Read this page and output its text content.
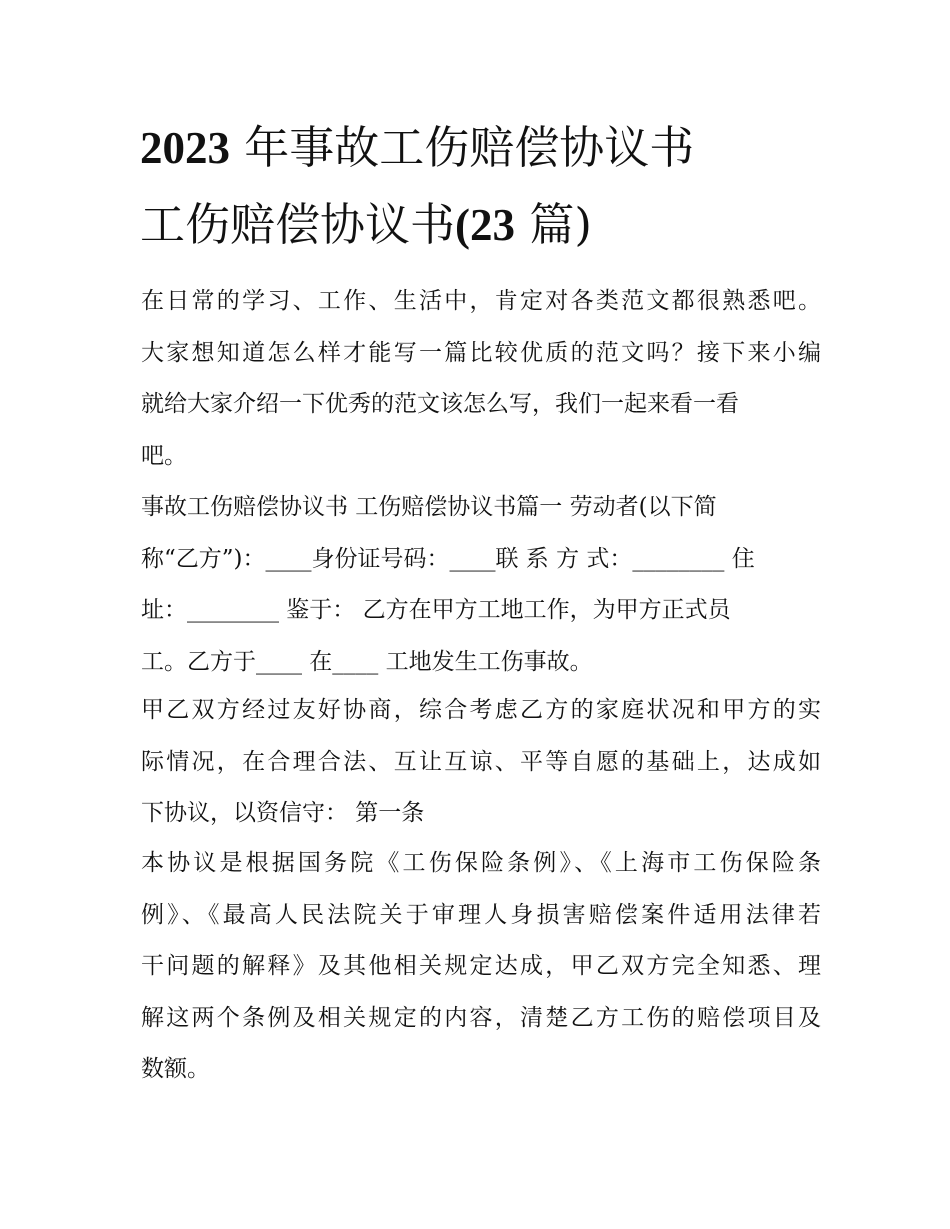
2023 年事故工伤赔偿协议书
工伤赔偿协议书(23 篇)
在日常的学习、工作、生活中，肯定对各类范文都很熟悉吧。
大家想知道怎么样才能写一篇比较优质的范文吗？接下来小编
就给大家介绍一下优秀的范文该怎么写，我们一起来看一看
吧。
事故工伤赔偿协议书 工伤赔偿协议书篇一 劳动者(以下简
称“乙方”)：____身份证号码：____联 系 方 式：________ 住
址：________ 鉴于： 乙方在甲方工地工作，为甲方正式员
工。乙方于____ 在____ 工地发生工伤事故。
甲乙双方经过友好协商，综合考虑乙方的家庭状况和甲方的实
际情况，在合理合法、互让互谅、平等自愿的基础上，达成如
下协议，以资信守： 第一条
本协议是根据国务院《工伤保险条例》、《上海市工伤保险条
例》、《最高人民法院关于审理人身损害赔偿案件适用法律若
干问题的解释》及其他相关规定达成，甲乙双方完全知悉、理
解这两个条例及相关规定的内容，清楚乙方工伤的赔偿项目及
数额。
